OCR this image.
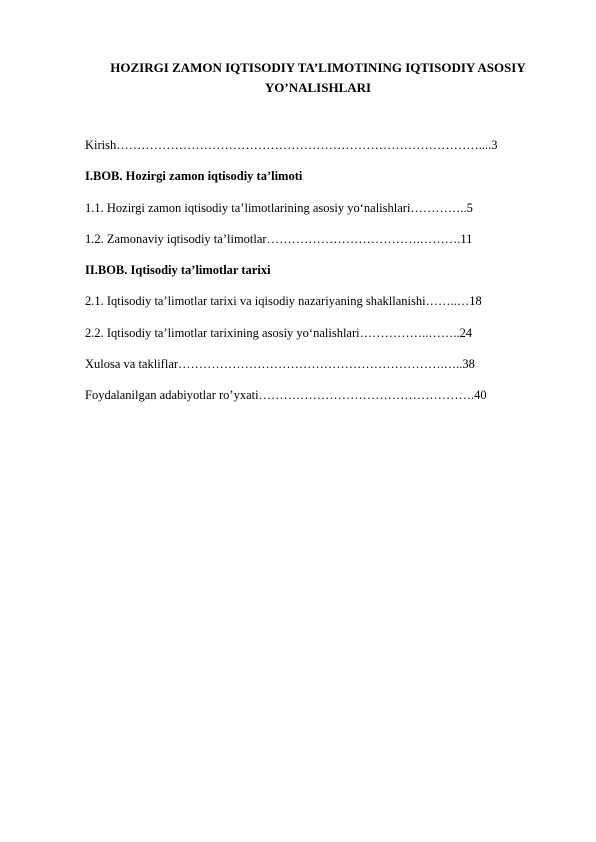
HOZIRGI ZAMON IQTISODIY TA’LIMOTINING IQTISODIY ASOSIY
YO’NALISHLARI
Kirish……………………………………………………………………………....3
I.BOB. Hozirgi zamon iqtisodiy ta’limoti
1.1. Hozirgi zamon iqtisodiy ta’limotlarining asosiy yo‘nalishlari…………..5
1.2. Zamonaviy iqtisodiy ta’limotlar……………………………….……….11
II.BOB. Iqtisodiy ta’limotlar tarixi
2.1. Iqtisodiy ta’limotlar tarixi va iqisodiy nazariyaning shakllanishi……..…18
2.2. Iqtisodiy ta’limotlar tarixining asosiy yo‘nalishlari……………..……..24
Xulosa va takliflar……………………………………………………….…..38
Foydalanilgan adabiyotlar ro’yxati…………………………………………….40
